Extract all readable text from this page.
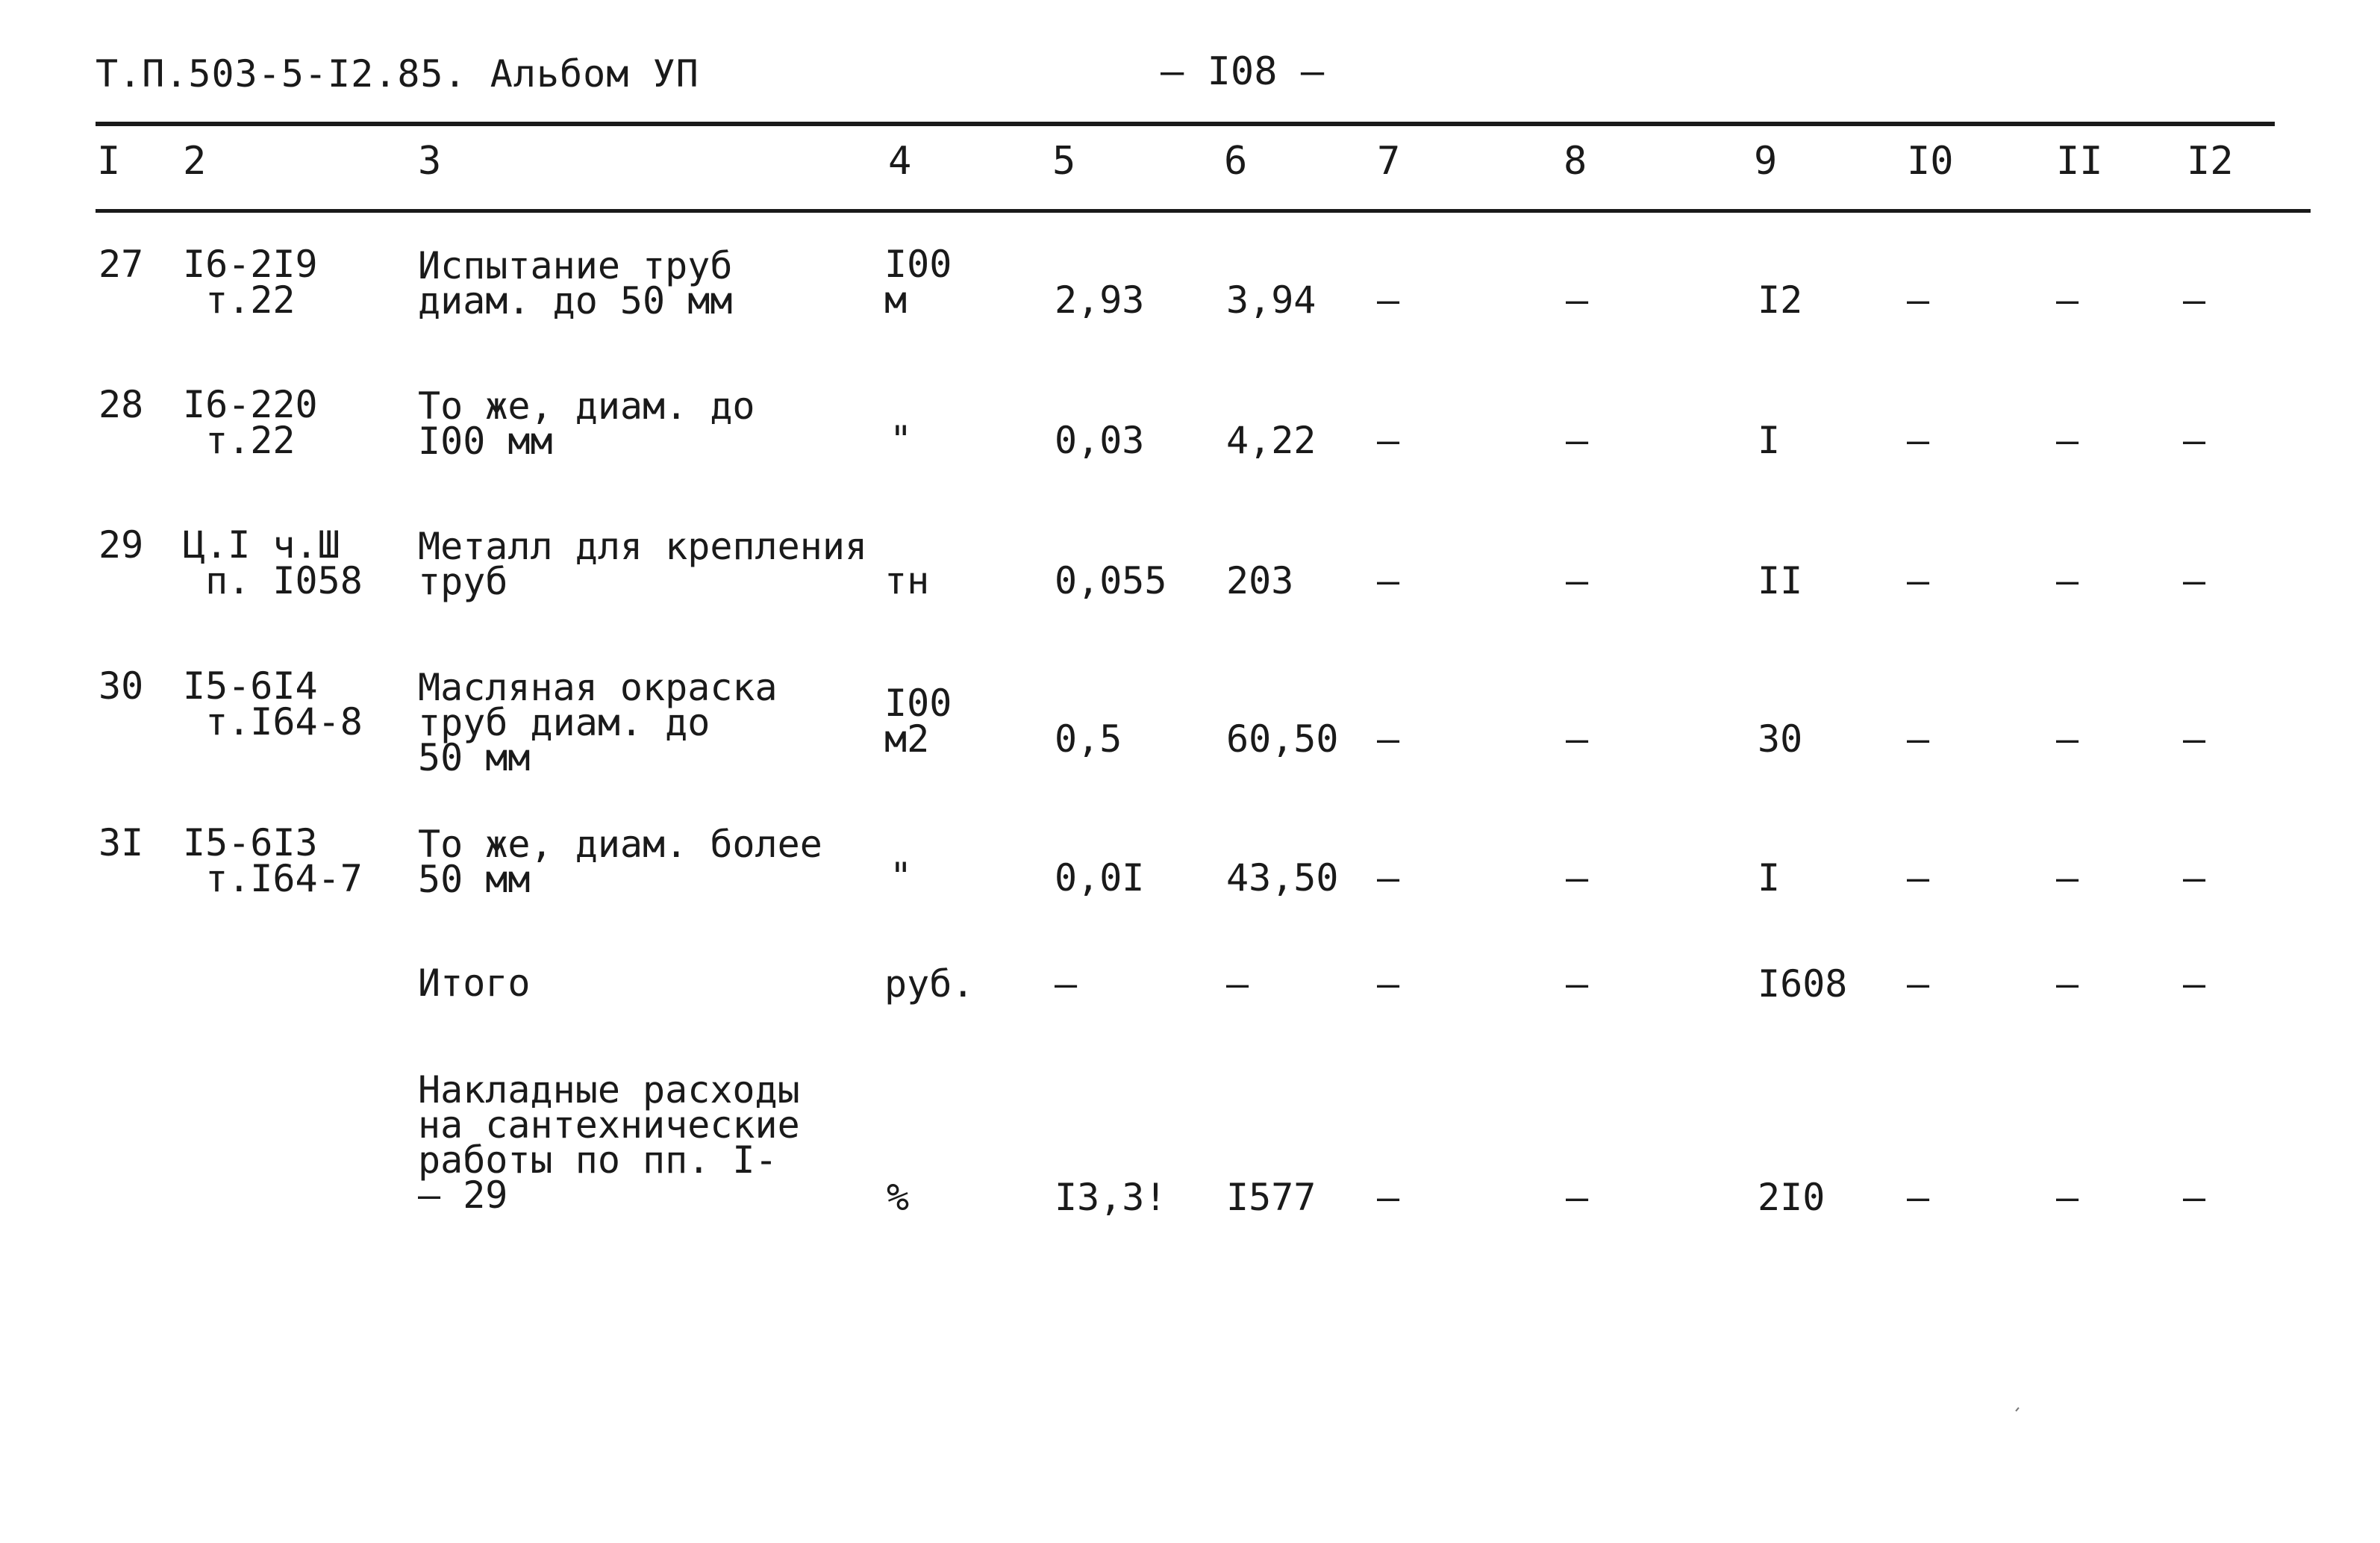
Т.П.503-5-I2.85. Альбом УП	– I08 –
I 2	3	4	5	6	7	8	9	I0	II I2
27 I6-2I9
т.22
Испытание труб
диам. до 50 мм
I00
м	2,93 3,94 –	–	I2	–	–	–
28 I6-220
т.22
То же, диам. до
I00 мм	"	0,03 4,22 –	–	I	–	–	–
29 Ц.I ч.Ш
п. I058
Металл для крепления
труб	тн	0,055 203 –	–	II	–	–	–
30 I5-6I4
т.I64-8
Масляная окраска
труб диам. до
50 мм
I00
м2	0,5	60,50 –	–	30	–	–	–
3I I5-6I3
т.I64-7
То же, диам. более
50 мм	"	0,0I 43,50 –	–	I	–	–	–
Итого	руб. –	–	–	–	I608 –	–	–
Накладные расходы
на сантехнические
работы по пп. I-
– 29	%	I3,3! I577 –	–	2I0 –	–	–
